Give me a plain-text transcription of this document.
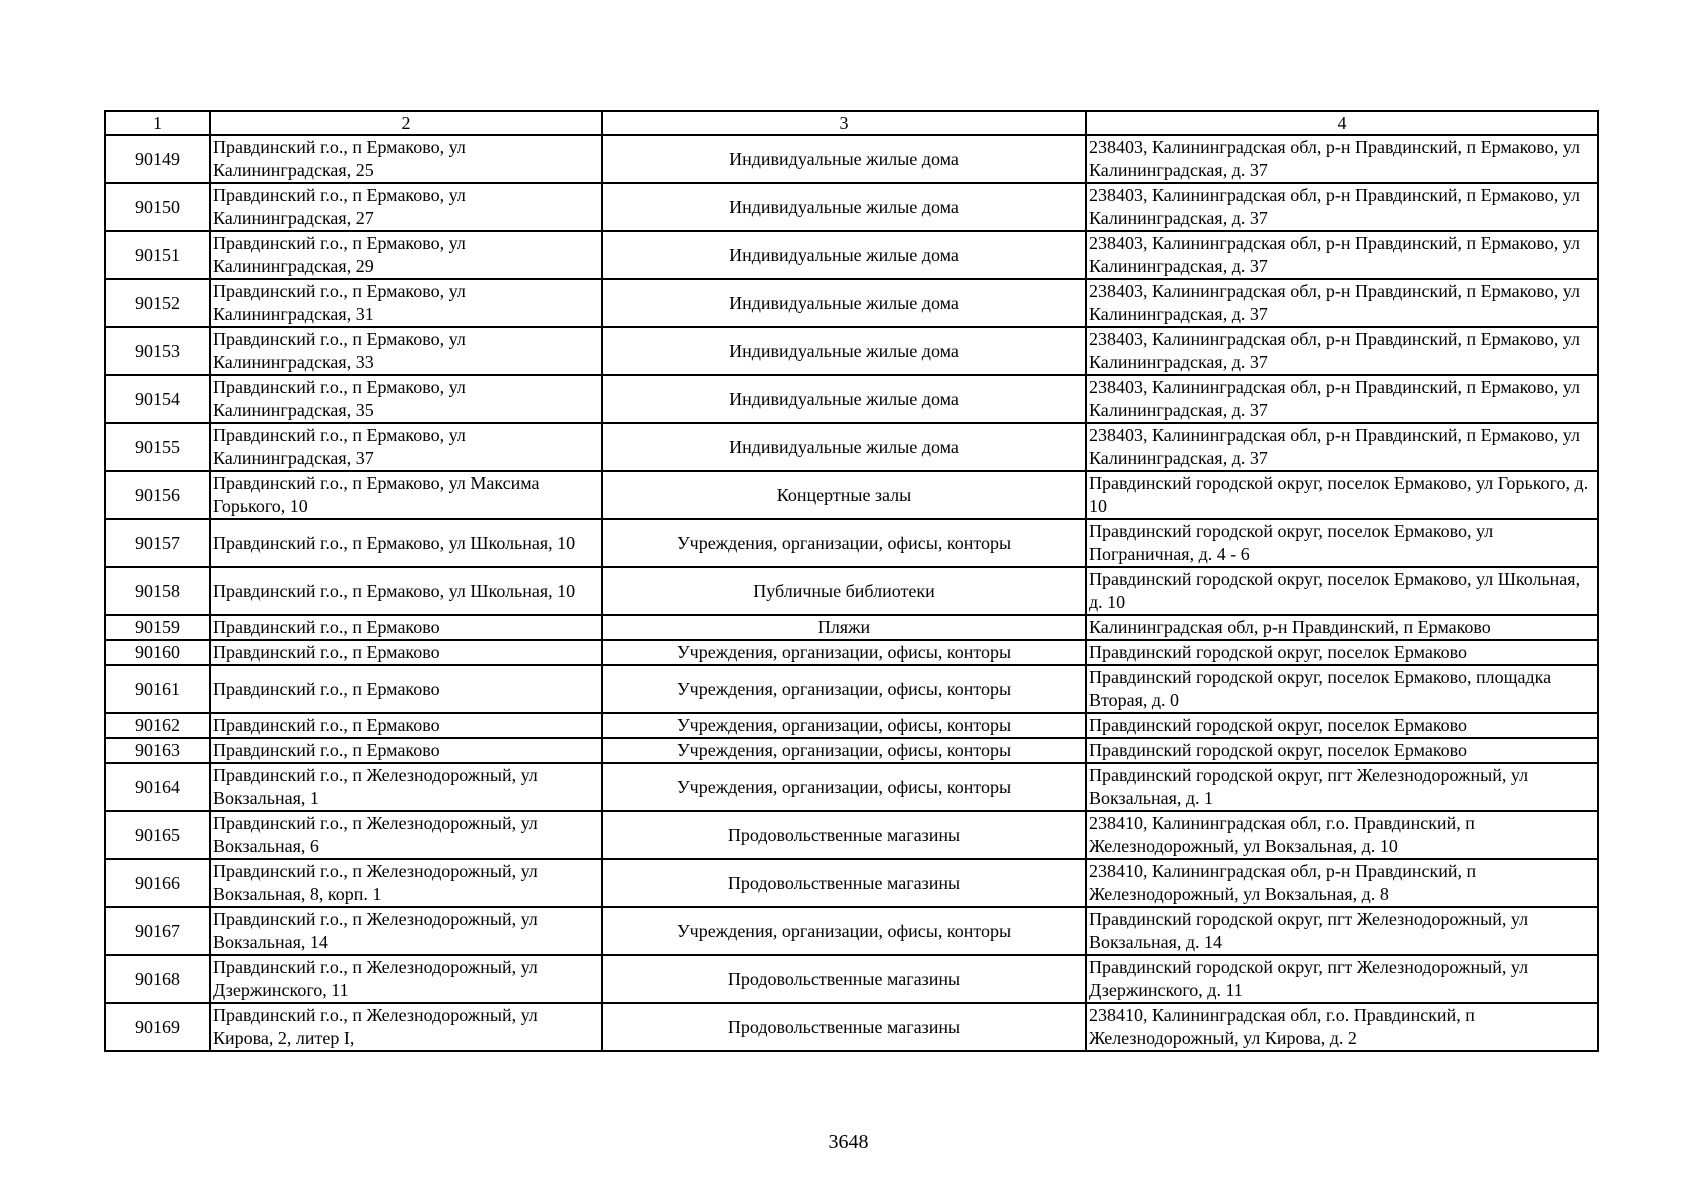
1	2	3	4
90149	Правдинский г.о., п Ермаково, ул Калининградская, 25	Индивидуальные жилые дома	238403, Калининградская обл, р-н Правдинский, п Ермаково, ул Калининградская, д. 37
90150	Правдинский г.о., п Ермаково, ул Калининградская, 27	Индивидуальные жилые дома	238403, Калининградская обл, р-н Правдинский, п Ермаково, ул Калининградская, д. 37
90151	Правдинский г.о., п Ермаково, ул Калининградская, 29	Индивидуальные жилые дома	238403, Калининградская обл, р-н Правдинский, п Ермаково, ул Калининградская, д. 37
90152	Правдинский г.о., п Ермаково, ул Калининградская, 31	Индивидуальные жилые дома	238403, Калининградская обл, р-н Правдинский, п Ермаково, ул Калининградская, д. 37
90153	Правдинский г.о., п Ермаково, ул Калининградская, 33	Индивидуальные жилые дома	238403, Калининградская обл, р-н Правдинский, п Ермаково, ул Калининградская, д. 37
90154	Правдинский г.о., п Ермаково, ул Калининградская, 35	Индивидуальные жилые дома	238403, Калининградская обл, р-н Правдинский, п Ермаково, ул Калининградская, д. 37
90155	Правдинский г.о., п Ермаково, ул Калининградская, 37	Индивидуальные жилые дома	238403, Калининградская обл, р-н Правдинский, п Ермаково, ул Калининградская, д. 37
90156	Правдинский г.о., п Ермаково, ул Максима Горького, 10	Концертные залы	Правдинский городской округ, поселок Ермаково, ул Горького, д. 10
90157	Правдинский г.о., п Ермаково, ул Школьная, 10	Учреждения, организации, офисы, конторы	Правдинский городской округ, поселок Ермаково, ул Пограничная, д. 4 - 6
90158	Правдинский г.о., п Ермаково, ул Школьная, 10	Публичные библиотеки	Правдинский городской округ, поселок Ермаково, ул Школьная, д. 10
90159	Правдинский г.о., п Ермаково	Пляжи	Калининградская обл, р-н Правдинский, п Ермаково
90160	Правдинский г.о., п Ермаково	Учреждения, организации, офисы, конторы	Правдинский городской округ, поселок Ермаково
90161	Правдинский г.о., п Ермаково	Учреждения, организации, офисы, конторы	Правдинский городской округ, поселок Ермаково, площадка Вторая, д. 0
90162	Правдинский г.о., п Ермаково	Учреждения, организации, офисы, конторы	Правдинский городской округ, поселок Ермаково
90163	Правдинский г.о., п Ермаково	Учреждения, организации, офисы, конторы	Правдинский городской округ, поселок Ермаково
90164	Правдинский г.о., п Железнодорожный, ул Вокзальная, 1	Учреждения, организации, офисы, конторы	Правдинский городской округ, пгт Железнодорожный, ул Вокзальная, д. 1
90165	Правдинский г.о., п Железнодорожный, ул Вокзальная, 6	Продовольственные магазины	238410, Калининградская обл, г.о. Правдинский, п Железнодорожный, ул Вокзальная, д. 10
90166	Правдинский г.о., п Железнодорожный, ул Вокзальная, 8, корп. 1	Продовольственные магазины	238410, Калининградская обл, р-н Правдинский, п Железнодорожный, ул Вокзальная, д. 8
90167	Правдинский г.о., п Железнодорожный, ул Вокзальная, 14	Учреждения, организации, офисы, конторы	Правдинский городской округ, пгт Железнодорожный, ул Вокзальная, д. 14
90168	Правдинский г.о., п Железнодорожный, ул Дзержинского, 11	Продовольственные магазины	Правдинский городской округ, пгт Железнодорожный, ул Дзержинского, д. 11
90169	Правдинский г.о., п Железнодорожный, ул Кирова, 2, литер I,	Продовольственные магазины	238410, Калининградская обл, г.о. Правдинский, п Железнодорожный, ул Кирова, д. 2
3648
